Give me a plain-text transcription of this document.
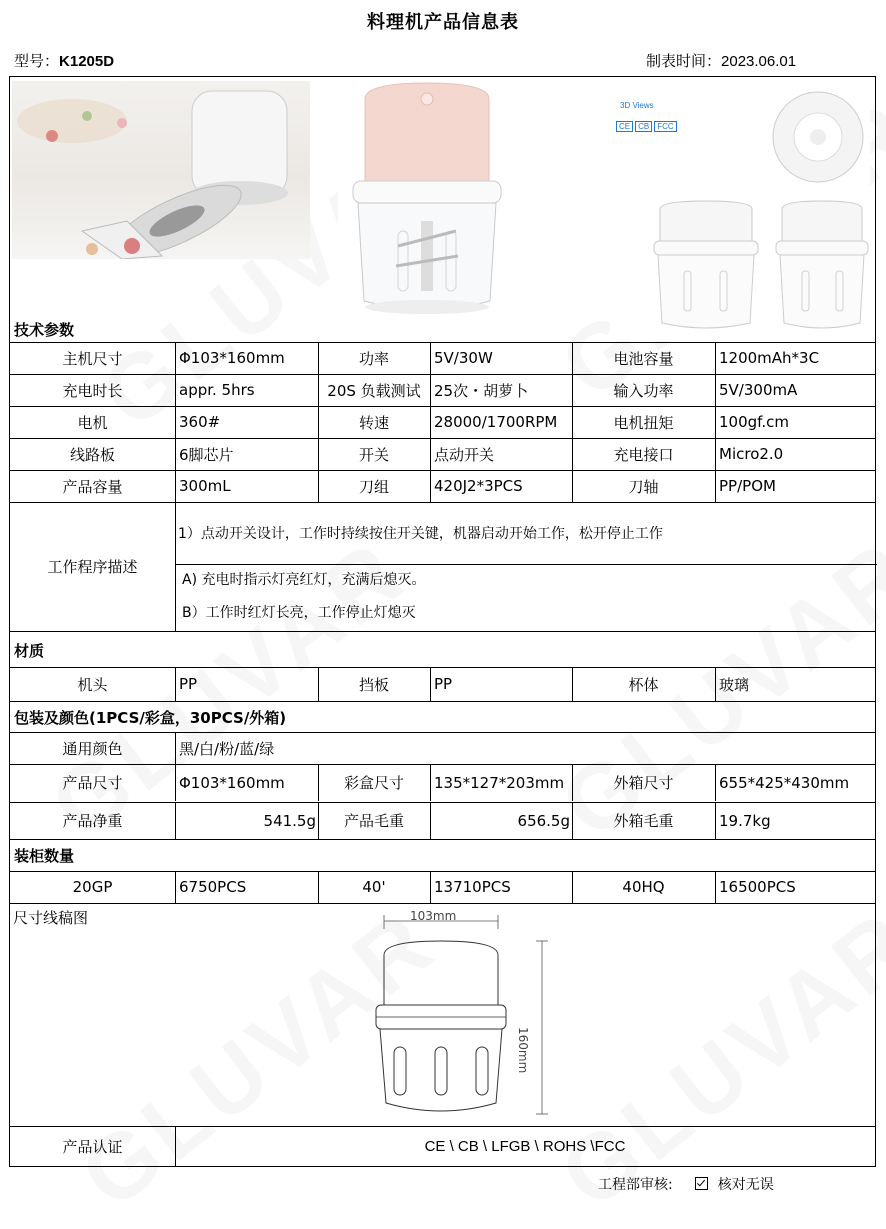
料理机产品信息表
型号：K1205D	制表时间：2023.06.01
3D Views
CE	CB	FCC
技术参数
工作程序描述
1）点动开关设计，工作时持续按住开关键，机器启动开始工作，松开停止工作
A) 充电时指示灯亮红灯，充满后熄灭。
B）工作时红灯长亮，工作停止灯熄灭
材质
包装及颜色(1PCS/彩盒，30PCS/外箱)
通用颜色	黑/白/粉/蓝/绿
装柜数量
尺寸线稿图	103mm
160mm
产品认证	CE \ CB \ LFGB \ ROHS \FCC
主机尺寸	Φ103*160mm	功率	5V/30W	电池容量	1200mAh*3C
充电时长	appr. 5hrs	20S 负载测试 25次・胡萝卜	输入功率	5V/300mA
电机	360#	转速	28000/1700RPM	电机扭矩	100gf.cm
线路板	6脚芯片	开关	点动开关	充电接口	Micro2.0
产品容量	300mL	刀组	420J2*3PCS	刀轴	PP/POM
机头	PP	挡板	PP	杯体	玻璃
产品尺寸	Φ103*160mm	彩盒尺寸	135*127*203mm	外箱尺寸	655*425*430mm
产品净重	541.5g	产品毛重	656.5g	外箱毛重	19.7kg
20GP	6750PCS	40'	13710PCS	40HQ	16500PCS
工程部审核:	核对无误
